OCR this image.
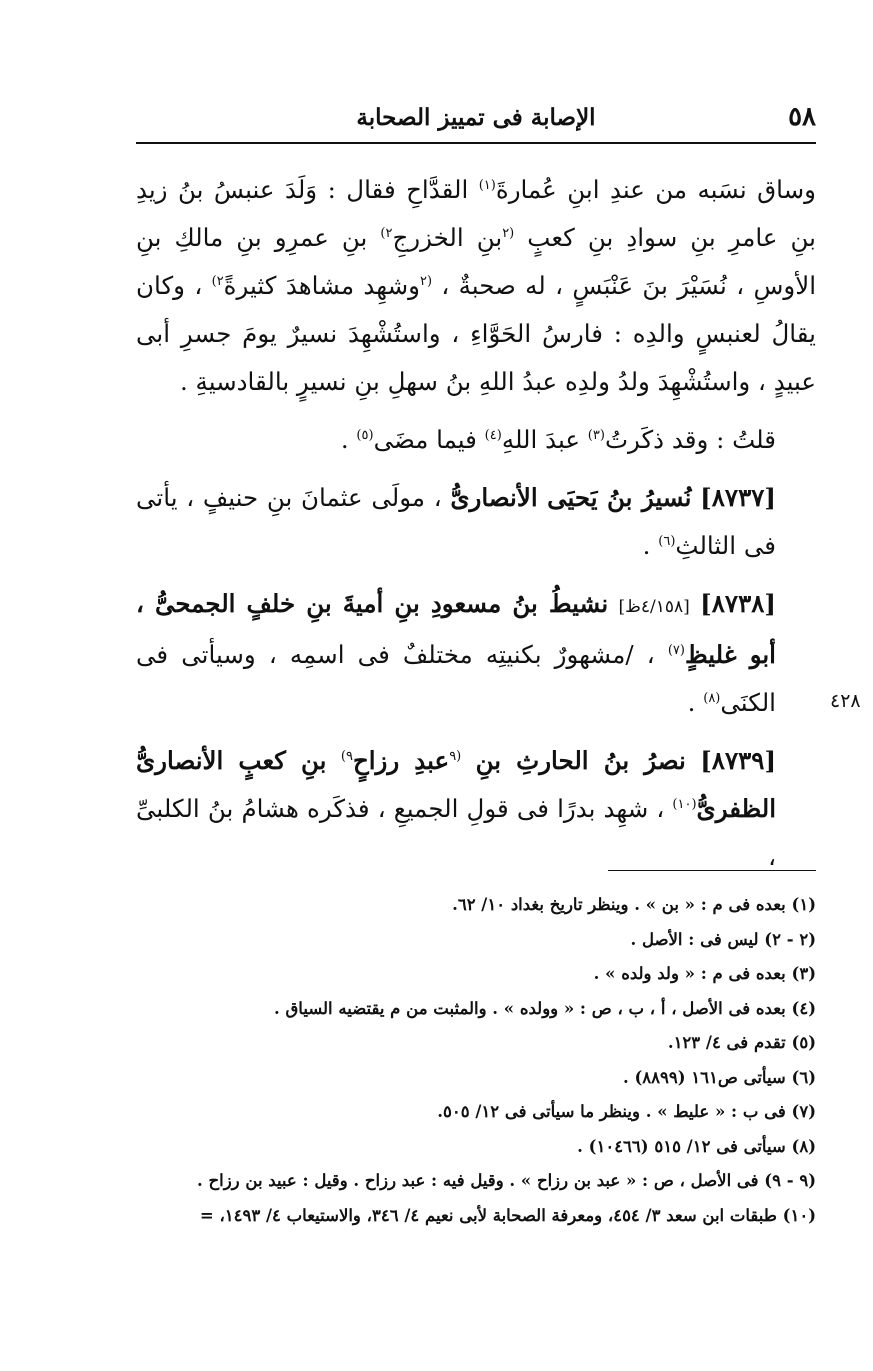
٥٨
الإصابة فى تمييز الصحابة

وساق نسَبه من عندِ ابنِ عُمارةَ$^{(١)}$ القدَّاحِ فقال : وَلَدَ عنبسُ بنُ زيدِ بنِ عامرِ بنِ سوادِ بنِ كعبٍ $^{(٢}$بنِ الخزرجِ$^{٢)}$ بنِ عمرِو بنِ مالكِ بنِ الأوسِ ، نُسَيْرَ بنَ عَنْبَسٍ ، له صحبةٌ ، $^{(٢}$وشهِد مشاهدَ كثيرةً$^{٢)}$ ، وكان يقالُ لعنبسٍ والدِه : فارسُ الحَوَّاءِ ، واستُشْهِدَ نسيرٌ يومَ جسرِ أبى عبيدٍ ، واستُشْهِدَ ولدُ ولدِه عبدُ اللهِ بنُ سهلِ بنِ نسيرٍ بالقادسيةِ .

قلتُ : وقد ذكَرتُ$^{(٣)}$ عبدَ اللهِ$^{(٤)}$ فيما مضَى$^{(٥)}$ .

[٨٧٣٧] نُسيرُ بنُ يَحيَى الأنصارىُّ ، مولَى عثمانَ بنِ حنيفٍ ، يأتى فى الثالثِ$^{(٦)}$ .

[٨٧٣٨] [٤/١٥٨ظ] نشيطُ بنُ مسعودِ بنِ أميةَ بنِ خلفٍ الجمحىُّ ، أبو غليظٍ$^{(٧)}$ ، /مشهورٌ بكنيتِه مختلفٌ فى اسمِه ، وسيأتى فى الكنَى$^{(٨)}$ .

[٨٧٣٩] نصرُ بنُ الحارثِ بنِ $^{(٩}$عبدِ رزاحٍ$^{٩)}$ بنِ كعبٍ الأنصارىُّ الظفرىُّ$^{(١٠)}$ ، شهِد بدرًا فى قولِ الجميعِ ، فذكَره هشامُ بنُ الكلبىِّ ،

٤٢٨
(١) بعده فى م : « بن » . وينظر تاريخ بغداد ١٠/ ٦٢.
(٢ - ٢) ليس فى : الأصل .
(٣) بعده فى م : « ولد ولده » .
(٤) بعده فى الأصل ، أ ، ب ، ص : « وولده » . والمثبت من م يقتضيه السياق .
(٥) تقدم فى ٤/ ١٢٣.
(٦) سيأتى ص١٦١ (٨٨٩٩) .
(٧) فى ب : « عليط » . وينظر ما سيأتى فى ١٢/ ٥٠٥.
(٨) سيأتى فى ١٢/ ٥١٥ (١٠٤٦٦) .
(٩ - ٩) فى الأصل ، ص : « عبد بن رزاح » . وقيل فيه : عبد رزاح . وقيل : عبيد بن رزاح .
(١٠) طبقات ابن سعد ٣/ ٤٥٤، ومعرفة الصحابة لأبى نعيم ٤/ ٣٤٦، والاستيعاب ٤/ ١٤٩٣، =
